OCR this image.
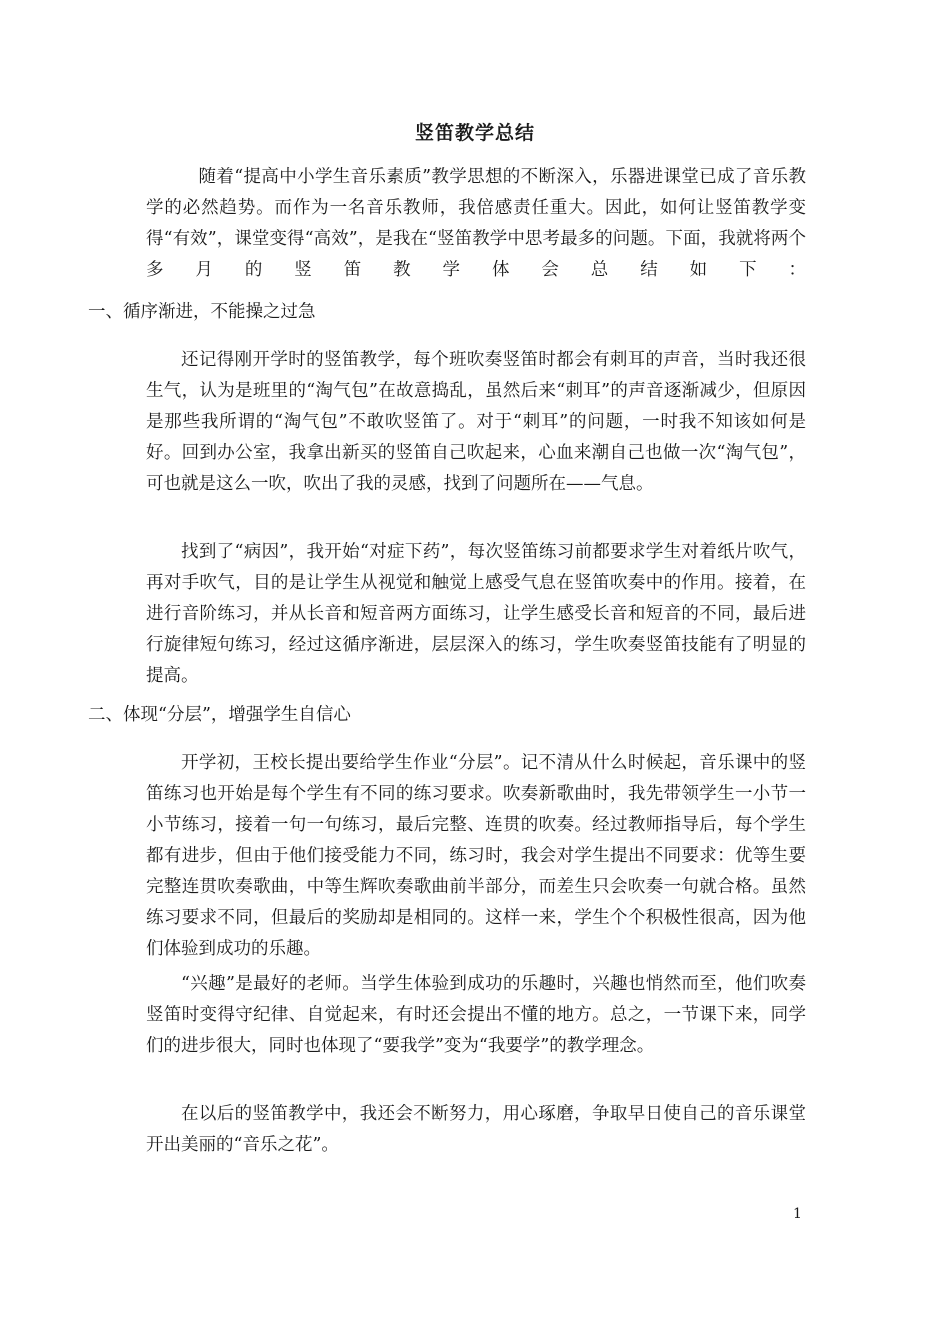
竖笛教学总结
随着“提高中小学生音乐素质”教学思想的不断深入，乐器进课堂已成了音乐教学的必然趋势。而作为一名音乐教师，我倍感责任重大。因此，如何让竖笛教学变得“有效”，课堂变得“高效”，是我在“竖笛教学中思考最多的问题。下面，我就将两个多月的竖笛教学体会总结如下：
一、循序渐进，不能操之过急
还记得刚开学时的竖笛教学，每个班吹奏竖笛时都会有刺耳的声音，当时我还很生气，认为是班里的“淘气包”在故意捣乱，虽然后来“刺耳”的声音逐渐减少，但原因是那些我所谓的“淘气包”不敢吹竖笛了。对于“刺耳”的问题，一时我不知该如何是好。回到办公室，我拿出新买的竖笛自己吹起来，心血来潮自己也做一次“淘气包”，可也就是这么一吹，吹出了我的灵感，找到了问题所在——气息。
找到了“病因”，我开始“对症下药”，每次竖笛练习前都要求学生对着纸片吹气，再对手吹气，目的是让学生从视觉和触觉上感受气息在竖笛吹奏中的作用。接着，在进行音阶练习，并从长音和短音两方面练习，让学生感受长音和短音的不同，最后进行旋律短句练习，经过这循序渐进，层层深入的练习，学生吹奏竖笛技能有了明显的提高。
二、体现“分层”，增强学生自信心
开学初，王校长提出要给学生作业“分层”。记不清从什么时候起，音乐课中的竖笛练习也开始是每个学生有不同的练习要求。吹奏新歌曲时，我先带领学生一小节一小节练习，接着一句一句练习，最后完整、连贯的吹奏。经过教师指导后，每个学生都有进步，但由于他们接受能力不同，练习时，我会对学生提出不同要求：优等生要完整连贯吹奏歌曲，中等生辉吹奏歌曲前半部分，而差生只会吹奏一句就合格。虽然练习要求不同，但最后的奖励却是相同的。这样一来，学生个个积极性很高，因为他们体验到成功的乐趣。
“兴趣”是最好的老师。当学生体验到成功的乐趣时，兴趣也悄然而至，他们吹奏竖笛时变得守纪律、自觉起来，有时还会提出不懂的地方。总之，一节课下来，同学们的进步很大，同时也体现了“要我学”变为“我要学”的教学理念。
在以后的竖笛教学中，我还会不断努力，用心琢磨，争取早日使自己的音乐课堂开出美丽的“音乐之花”。
1
